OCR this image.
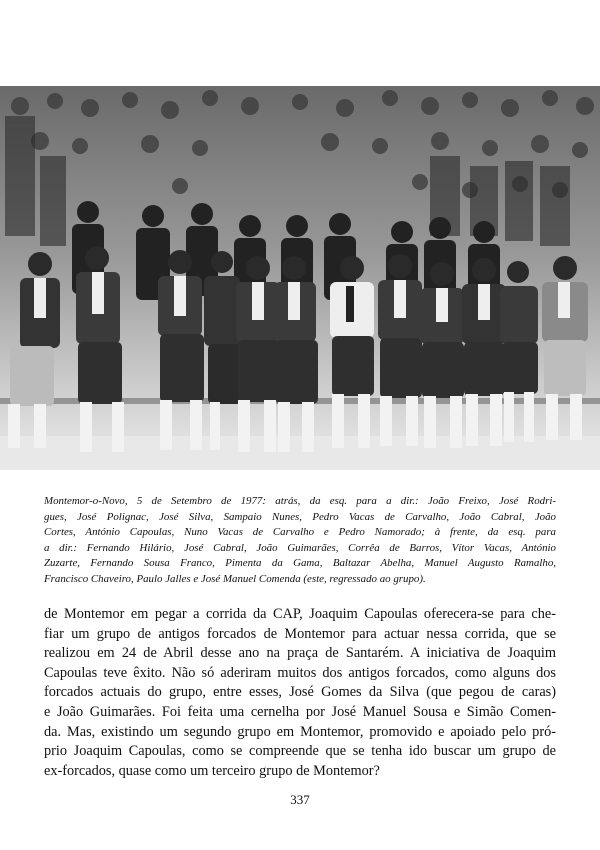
Montemor-o-Novo, 5 de Setembro de 1977: atrás, da esq. para a dir.: João Freixo, José Rodri-
gues, José Polignac, José Silva, Sampaio Nunes, Pedro Vacas de Carvalho, João Cabral, João
Cortes, António Capoulas, Nuno Vacas de Carvalho e Pedro Namorado; à frente, da esq. para
a dir.: Fernando Hilário, José Cabral, João Guimarães, Corrêa de Barros, Vítor Vacas, António
Zuzarte, Fernando Sousa Franco, Pimenta da Gama, Baltazar Abelha, Manuel Augusto Ramalho,
Francisco Chaveiro, Paulo Jalles e José Manuel Comenda (este, regressado ao grupo).

de Montemor em pegar a corrida da CAP, Joaquim Capoulas oferecera-se para che-
fiar um grupo de antigos forcados de Montemor para actuar nessa corrida, que se
realizou em 24 de Abril desse ano na praça de Santarém. A iniciativa de Joaquim
Capoulas teve êxito. Não só aderiram muitos dos antigos forcados, como alguns dos
forcados actuais do grupo, entre esses, José Gomes da Silva (que pegou de caras)
e João Guimarães. Foi feita uma cernelha por José Manuel Sousa e Simão Comen-
da. Mas, existindo um segundo grupo em Montemor, promovido e apoiado pelo pró-
prio Joaquim Capoulas, como se compreende que se tenha ido buscar um grupo de
ex-forcados, quase como um terceiro grupo de Montemor?

337
